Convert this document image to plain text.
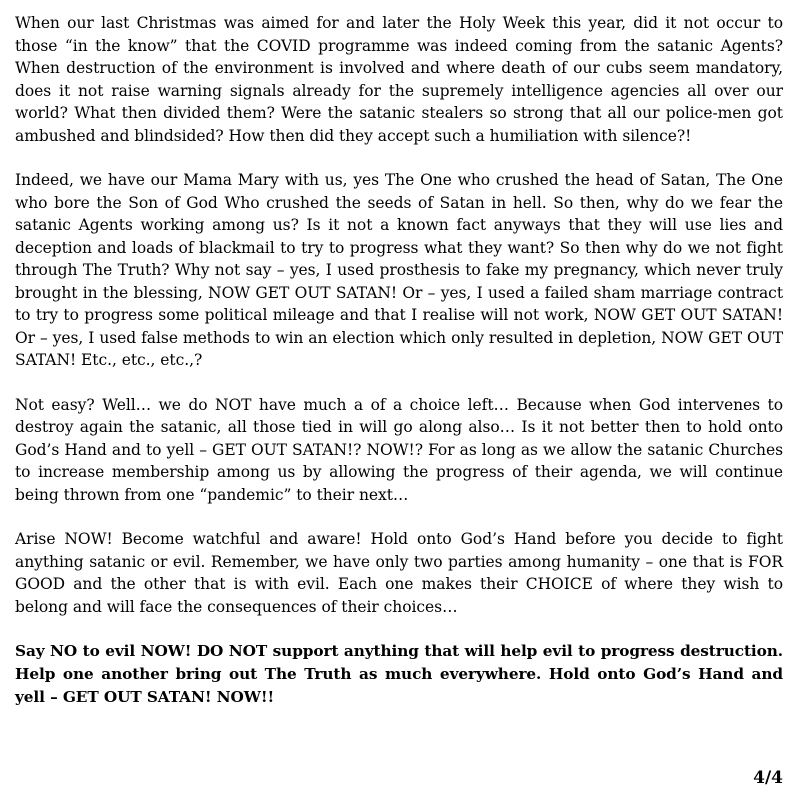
When our last Christmas was aimed for and later the Holy Week this year, did it not occur to those “in the know” that the COVID programme was indeed coming from the satanic Agents? When destruction of the environment is involved and where death of our cubs seem mandatory, does it not raise warning signals already for the supremely intelligence agencies all over our world? What then divided them? Were the satanic stealers so strong that all our police-men got ambushed and blindsided? How then did they accept such a humiliation with silence?!

Indeed, we have our Mama Mary with us, yes The One who crushed the head of Satan, The One who bore the Son of God Who crushed the seeds of Satan in hell. So then, why do we fear the satanic Agents working among us? Is it not a known fact anyways that they will use lies and deception and loads of blackmail to try to progress what they want? So then why do we not fight through The Truth? Why not say – yes, I used prosthesis to fake my pregnancy, which never truly brought in the blessing, NOW GET OUT SATAN! Or – yes, I used a failed sham marriage contract to try to progress some political mileage and that I realise will not work, NOW GET OUT SATAN! Or – yes, I used false methods to win an election which only resulted in depletion, NOW GET OUT SATAN! Etc., etc., etc.,?

Not easy? Well… we do NOT have much a of a choice left… Because when God intervenes to destroy again the satanic, all those tied in will go along also… Is it not better then to hold onto God’s Hand and to yell – GET OUT SATAN!? NOW!? For as long as we allow the satanic Churches to increase membership among us by allowing the progress of their agenda, we will continue being thrown from one “pandemic” to their next…

Arise NOW! Become watchful and aware! Hold onto God’s Hand before you decide to fight anything satanic or evil. Remember, we have only two parties among humanity – one that is FOR GOOD and the other that is with evil. Each one makes their CHOICE of where they wish to belong and will face the consequences of their choices…

Say NO to evil NOW! DO NOT support anything that will help evil to progress destruction. Help one another bring out The Truth as much everywhere. Hold onto God’s Hand and yell – GET OUT SATAN! NOW!!

4/4
